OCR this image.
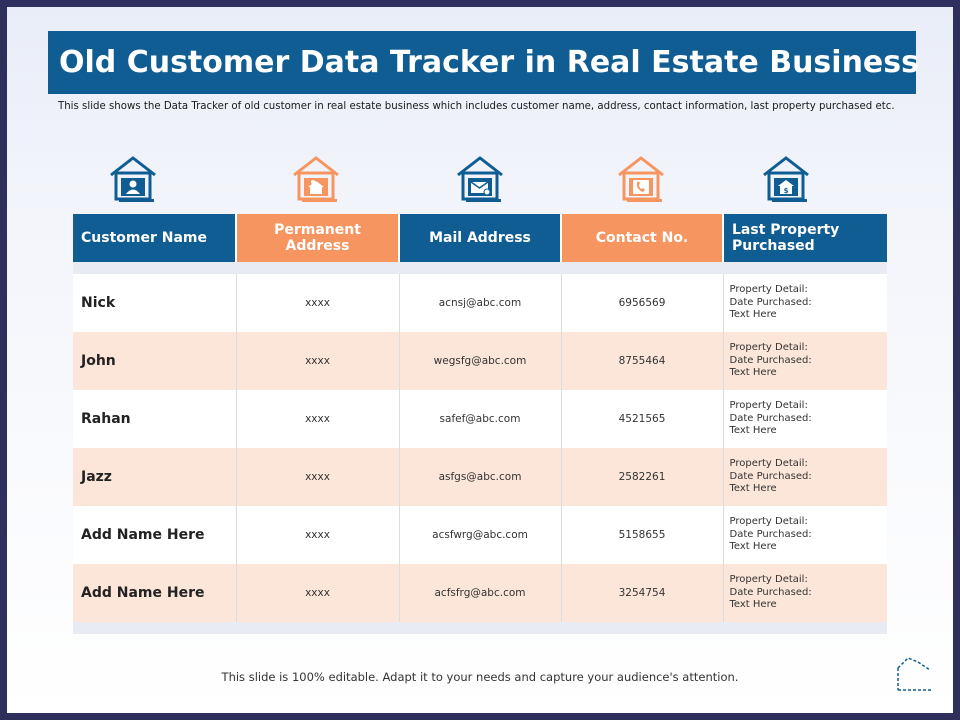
Old Customer Data Tracker in Real Estate Business
This slide shows the Data Tracker of old customer in real estate business which includes customer name, address, contact information, last property purchased etc.
$
Customer Name	Permanent Address	Mail Address	Contact No.	Last Property Purchased

Nick	xxxx	acnsj@abc.com	6956569	Property Detail:
Date Purchased:
Text Here

John	xxxx	wegsfg@abc.com	8755464	Property Detail:
Date Purchased:
Text Here

Rahan	xxxx	safef@abc.com	4521565	Property Detail:
Date Purchased:
Text Here

Jazz	xxxx	asfgs@abc.com	2582261	Property Detail:
Date Purchased:
Text Here

Add Name Here	xxxx	acsfwrg@abc.com	5158655	Property Detail:
Date Purchased:
Text Here

Add Name Here	xxxx	acfsfrg@abc.com	3254754	Property Detail:
Date Purchased:
Text Here

This slide is 100% editable. Adapt it to your needs and capture your audience's attention.
